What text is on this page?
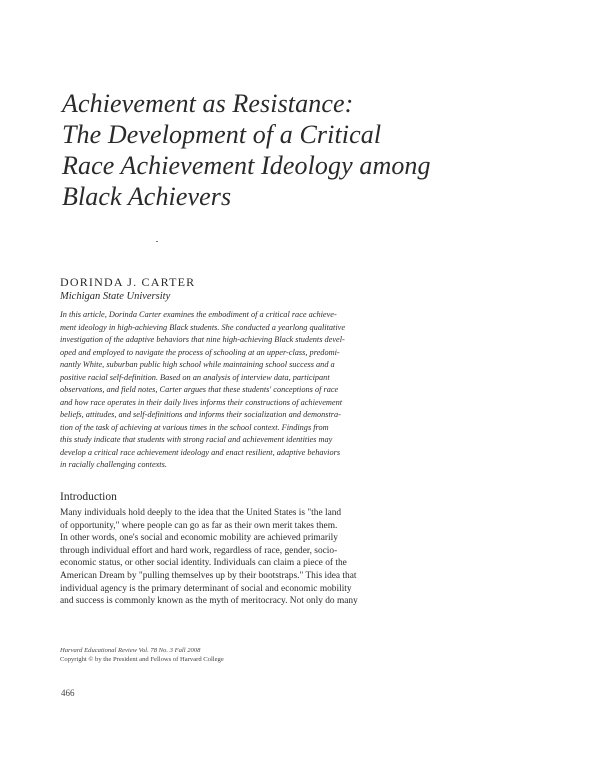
Achievement as Resistance:
The Development of a Critical
Race Achievement Ideology among
Black Achievers
DORINDA J. CARTER
Michigan State University
In this article, Dorinda Carter examines the embodiment of a critical race achieve-
ment ideology in high-achieving Black students. She conducted a yearlong qualitative
investigation of the adaptive behaviors that nine high-achieving Black students devel-
oped and employed to navigate the process of schooling at an upper-class, predomi-
nantly White, suburban public high school while maintaining school success and a
positive racial self-definition. Based on an analysis of interview data, participant
observations, and field notes, Carter argues that these students' conceptions of race
and how race operates in their daily lives informs their constructions of achievement
beliefs, attitudes, and self-definitions and informs their socialization and demonstra-
tion of the task of achieving at various times in the school context. Findings from
this study indicate that students with strong racial and achievement identities may
develop a critical race achievement ideology and enact resilient, adaptive behaviors
in racially challenging contexts.
Introduction
Many individuals hold deeply to the idea that the United States is "the land
of opportunity," where people can go as far as their own merit takes them.
In other words, one's social and economic mobility are achieved primarily
through individual effort and hard work, regardless of race, gender, socio-
economic status, or other social identity. Individuals can claim a piece of the
American Dream by "pulling themselves up by their bootstraps." This idea that
individual agency is the primary determinant of social and economic mobility
and success is commonly known as the myth of meritocracy. Not only do many
Harvard Educational Review Vol. 78 No. 3 Fall 2008
Copyright © by the President and Fellows of Harvard College
466
